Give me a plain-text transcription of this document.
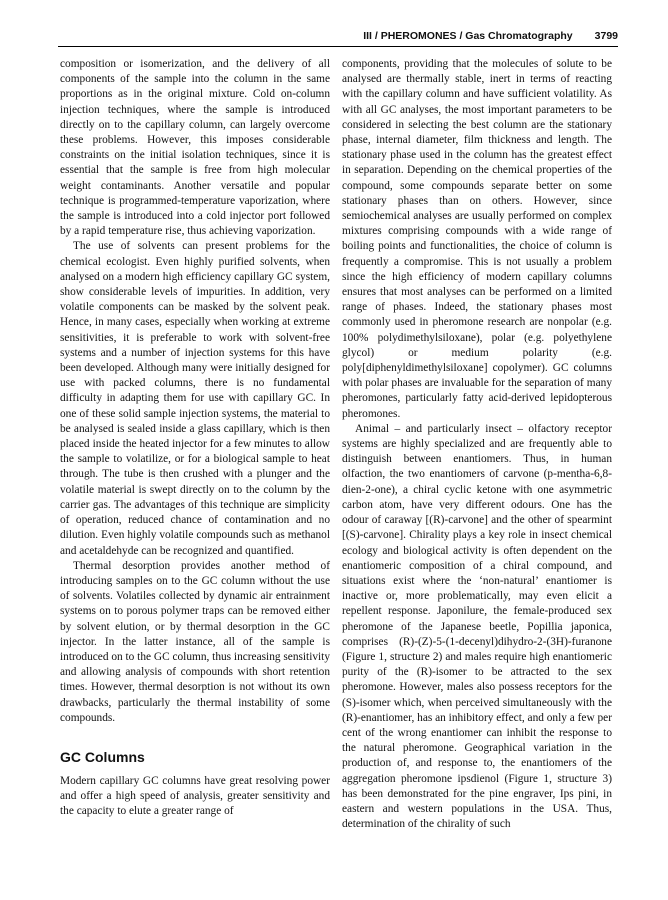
III / PHEROMONES / Gas Chromatography 3799

composition or isomerization, and the delivery of all components of the sample into the column in the same proportions as in the original mixture. Cold on-column injection techniques, where the sample is introduced directly on to the capillary column, can largely overcome these problems. However, this imposes considerable constraints on the initial isolation techniques, since it is essential that the sample is free from high molecular weight contaminants. Another versatile and popular technique is programmed-temperature vaporization, where the sample is introduced into a cold injector port followed by a rapid temperature rise, thus achieving vaporization.

The use of solvents can present problems for the chemical ecologist. Even highly purified solvents, when analysed on a modern high efficiency capillary GC system, show considerable levels of impurities. In addition, very volatile components can be masked by the solvent peak. Hence, in many cases, especially when working at extreme sensitivities, it is preferable to work with solvent-free systems and a number of injection systems for this have been developed. Although many were initially designed for use with packed columns, there is no fundamental difficulty in adapting them for use with capillary GC. In one of these solid sample injection systems, the material to be analysed is sealed inside a glass capillary, which is then placed inside the heated injector for a few minutes to allow the sample to volatilize, or for a biological sample to heat through. The tube is then crushed with a plunger and the volatile material is swept directly on to the column by the carrier gas. The advantages of this technique are simplicity of operation, reduced chance of contamination and no dilution. Even highly volatile compounds such as methanol and acetaldehyde can be recognized and quantified.

Thermal desorption provides another method of introducing samples on to the GC column without the use of solvents. Volatiles collected by dynamic air entrainment systems on to porous polymer traps can be removed either by solvent elution, or by thermal desorption in the GC injector. In the latter instance, all of the sample is introduced on to the GC column, thus increasing sensitivity and allowing analysis of compounds with short retention times. However, thermal desorption is not without its own drawbacks, particularly the thermal instability of some compounds.

GC Columns

Modern capillary GC columns have great resolving power and offer a high speed of analysis, greater sensitivity and the capacity to elute a greater range of

components, providing that the molecules of solute to be analysed are thermally stable, inert in terms of reacting with the capillary column and have sufficient volatility. As with all GC analyses, the most important parameters to be considered in selecting the best column are the stationary phase, internal diameter, film thickness and length. The stationary phase used in the column has the greatest effect in separation. Depending on the chemical properties of the compound, some compounds separate better on some stationary phases than on others. However, since semiochemical analyses are usually performed on complex mixtures comprising compounds with a wide range of boiling points and functionalities, the choice of column is frequently a compromise. This is not usually a problem since the high efficiency of modern capillary columns ensures that most analyses can be performed on a limited range of phases. Indeed, the stationary phases most commonly used in pheromone research are nonpolar (e.g. 100% polydimethylsiloxane), polar (e.g. polyethylene glycol) or medium polarity (e.g. poly[diphenyldimethylsiloxane] copolymer). GC columns with polar phases are invaluable for the separation of many pheromones, particularly fatty acid-derived lepidopterous pheromones.

Animal – and particularly insect – olfactory receptor systems are highly specialized and are frequently able to distinguish between enantiomers. Thus, in human olfaction, the two enantiomers of carvone (p-mentha-6,8-dien-2-one), a chiral cyclic ketone with one asymmetric carbon atom, have very different odours. One has the odour of caraway [(R)-carvone] and the other of spearmint [(S)-carvone]. Chirality plays a key role in insect chemical ecology and biological activity is often dependent on the enantiomeric composition of a chiral compound, and situations exist where the ‘non-natural’ enantiomer is inactive or, more problematically, may even elicit a repellent response. Japonilure, the female-produced sex pheromone of the Japanese beetle, Popillia japonica, comprises (R)-(Z)-5-(1-decenyl)dihydro-2-(3H)-furanone (Figure 1, structure 2) and males require high enantiomeric purity of the (R)-isomer to be attracted to the sex pheromone. However, males also possess receptors for the (S)-isomer which, when perceived simultaneously with the (R)-enantiomer, has an inhibitory effect, and only a few per cent of the wrong enantiomer can inhibit the response to the natural pheromone. Geographical variation in the production of, and response to, the enantiomers of the aggregation pheromone ipsdienol (Figure 1, structure 3) has been demonstrated for the pine engraver, Ips pini, in eastern and western populations in the USA. Thus, determination of the chirality of such
